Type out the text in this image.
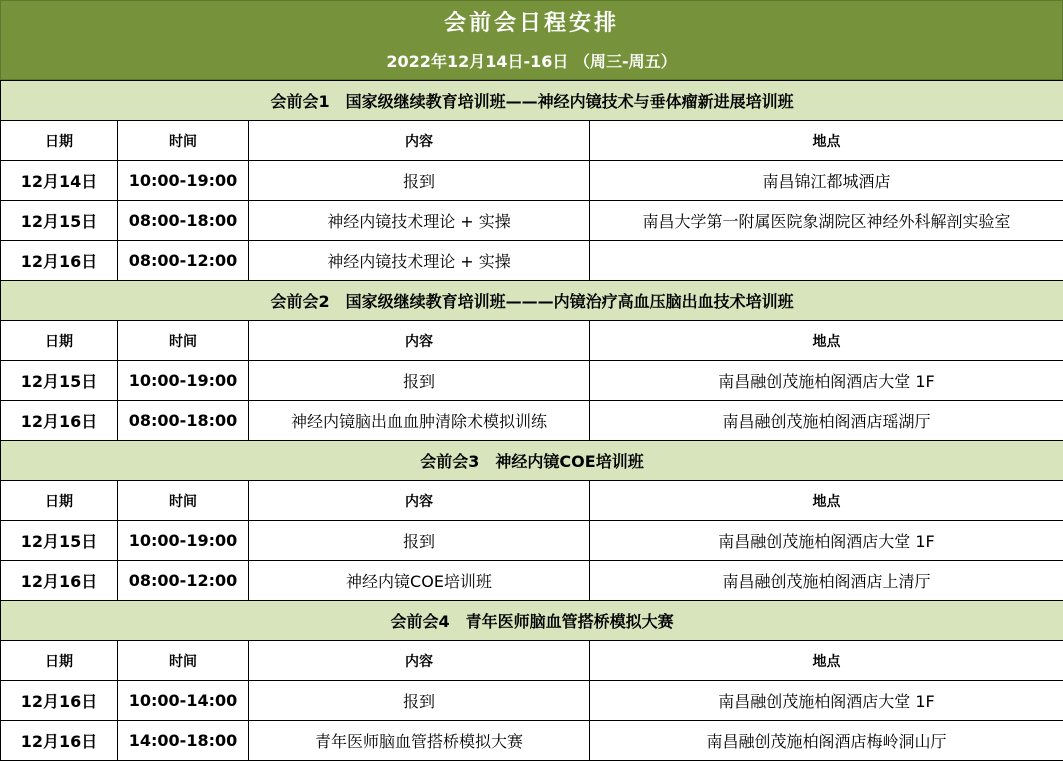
会前会日程安排
2022年12月14日-16日 （周三-周五）
会前会1　国家级继续教育培训班——神经内镜技术与垂体瘤新进展培训班			
日期	时间	内容	地点
12月14日	10:00-19:00	报到	南昌锦江都城酒店
12月15日	08:00-18:00	神经内镜技术理论 + 实操	南昌大学第一附属医院象湖院区神经外科解剖实验室
12月16日	08:00-12:00	神经内镜技术理论 + 实操	
会前会2　国家级继续教育培训班———内镜治疗高血压脑出血技术培训班			
日期	时间	内容	地点
12月15日	10:00-19:00	报到	南昌融创茂施柏阁酒店大堂 1F
12月16日	08:00-18:00	神经内镜脑出血血肿清除术模拟训练	南昌融创茂施柏阁酒店瑶湖厅
会前会3　神经内镜COE培训班			
日期	时间	内容	地点
12月15日	10:00-19:00	报到	南昌融创茂施柏阁酒店大堂 1F
12月16日	08:00-12:00	神经内镜COE培训班	南昌融创茂施柏阁酒店上清厅
会前会4　青年医师脑血管搭桥模拟大赛			
日期	时间	内容	地点
12月16日	10:00-14:00	报到	南昌融创茂施柏阁酒店大堂 1F
12月16日	14:00-18:00	青年医师脑血管搭桥模拟大赛	南昌融创茂施柏阁酒店梅岭洞山厅
